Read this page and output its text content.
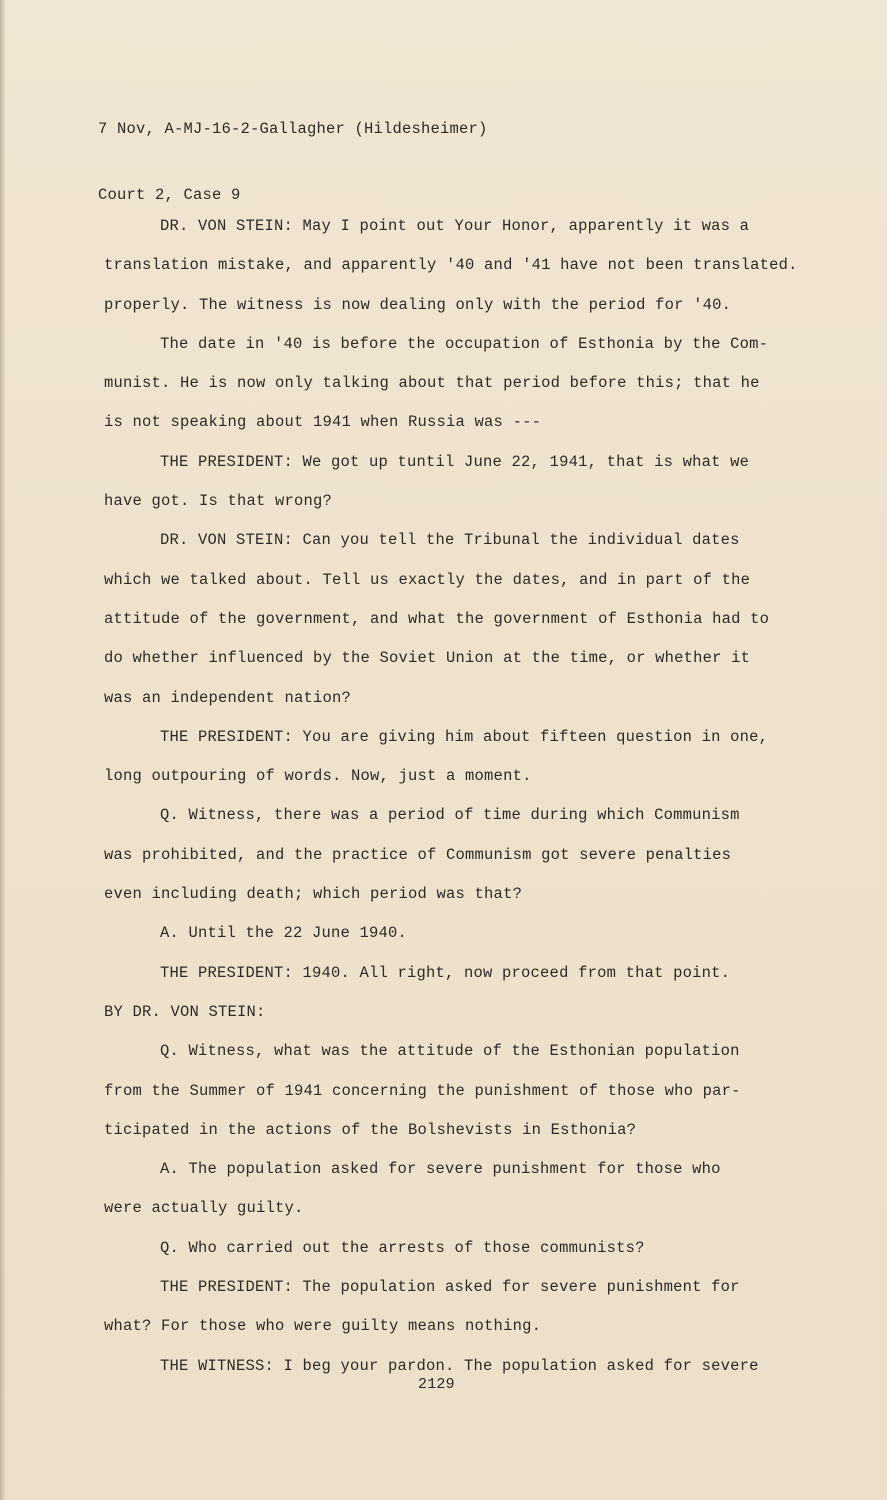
7 Nov, A-MJ-16-2-Gallagher (Hildesheimer)

Court 2, Case 9

DR. VON STEIN: May I point out Your Honor, apparently it was a
translation mistake, and apparently '40 and '41 have not been translated.
properly. The witness is now dealing only with the period for '40.
The date in '40 is before the occupation of Esthonia by the Com-
munist. He is now only talking about that period before this; that he
is not speaking about 1941 when Russia was ---
THE PRESIDENT: We got up tuntil June 22, 1941, that is what we
have got. Is that wrong?
DR. VON STEIN: Can you tell the Tribunal the individual dates
which we talked about. Tell us exactly the dates, and in part of the
attitude of the government, and what the government of Esthonia had to
do whether influenced by the Soviet Union at the time, or whether it
was an independent nation?
THE PRESIDENT: You are giving him about fifteen question in one,
long outpouring of words. Now, just a moment.
Q. Witness, there was a period of time during which Communism
was prohibited, and the practice of Communism got severe penalties
even including death; which period was that?
A. Until the 22 June 1940.
THE PRESIDENT: 1940. All right, now proceed from that point.
BY DR. VON STEIN:
Q. Witness, what was the attitude of the Esthonian population
from the Summer of 1941 concerning the punishment of those who par-
ticipated in the actions of the Bolshevists in Esthonia?
A. The population asked for severe punishment for those who
were actually guilty.
Q. Who carried out the arrests of those communists?
THE PRESIDENT: The population asked for severe punishment for
what? For those who were guilty means nothing.
THE WITNESS: I beg your pardon. The population asked for severe
2129
